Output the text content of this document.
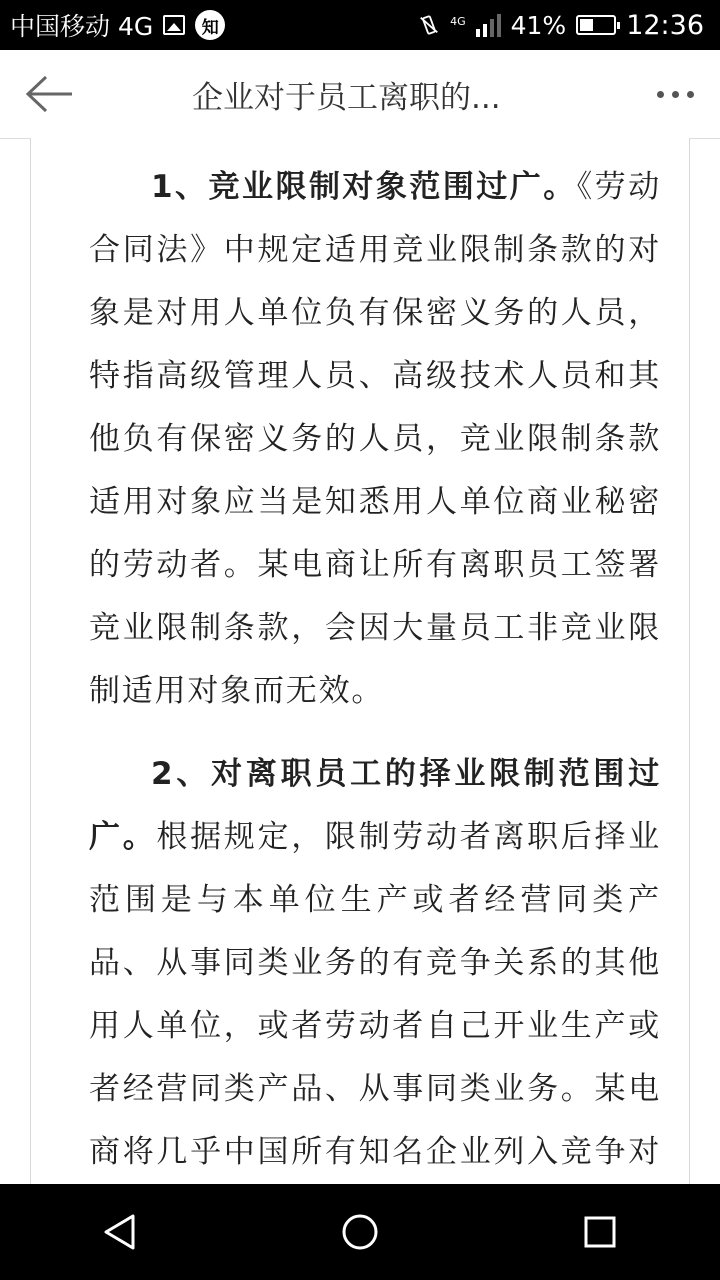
中国移动 4G	知	4G 41% 12:36
企业对于员工离职的...

1、竞业限制对象范围过广。《劳动合同法》中规定适用竞业限制条款的对象是对用人单位负有保密义务的人员，特指高级管理人员、高级技术人员和其他负有保密义务的人员，竞业限制条款适用对象应当是知悉用人单位商业秘密的劳动者。某电商让所有离职员工签署竞业限制条款，会因大量员工非竞业限制适用对象而无效。

2、对离职员工的择业限制范围过广。根据规定，限制劳动者离职后择业范围是与本单位生产或者经营同类产品、从事同类业务的有竞争关系的其他用人单位，或者劳动者自己开业生产或者经营同类产品、从事同类业务。某电商将几乎中国所有知名企业列入竞争对
